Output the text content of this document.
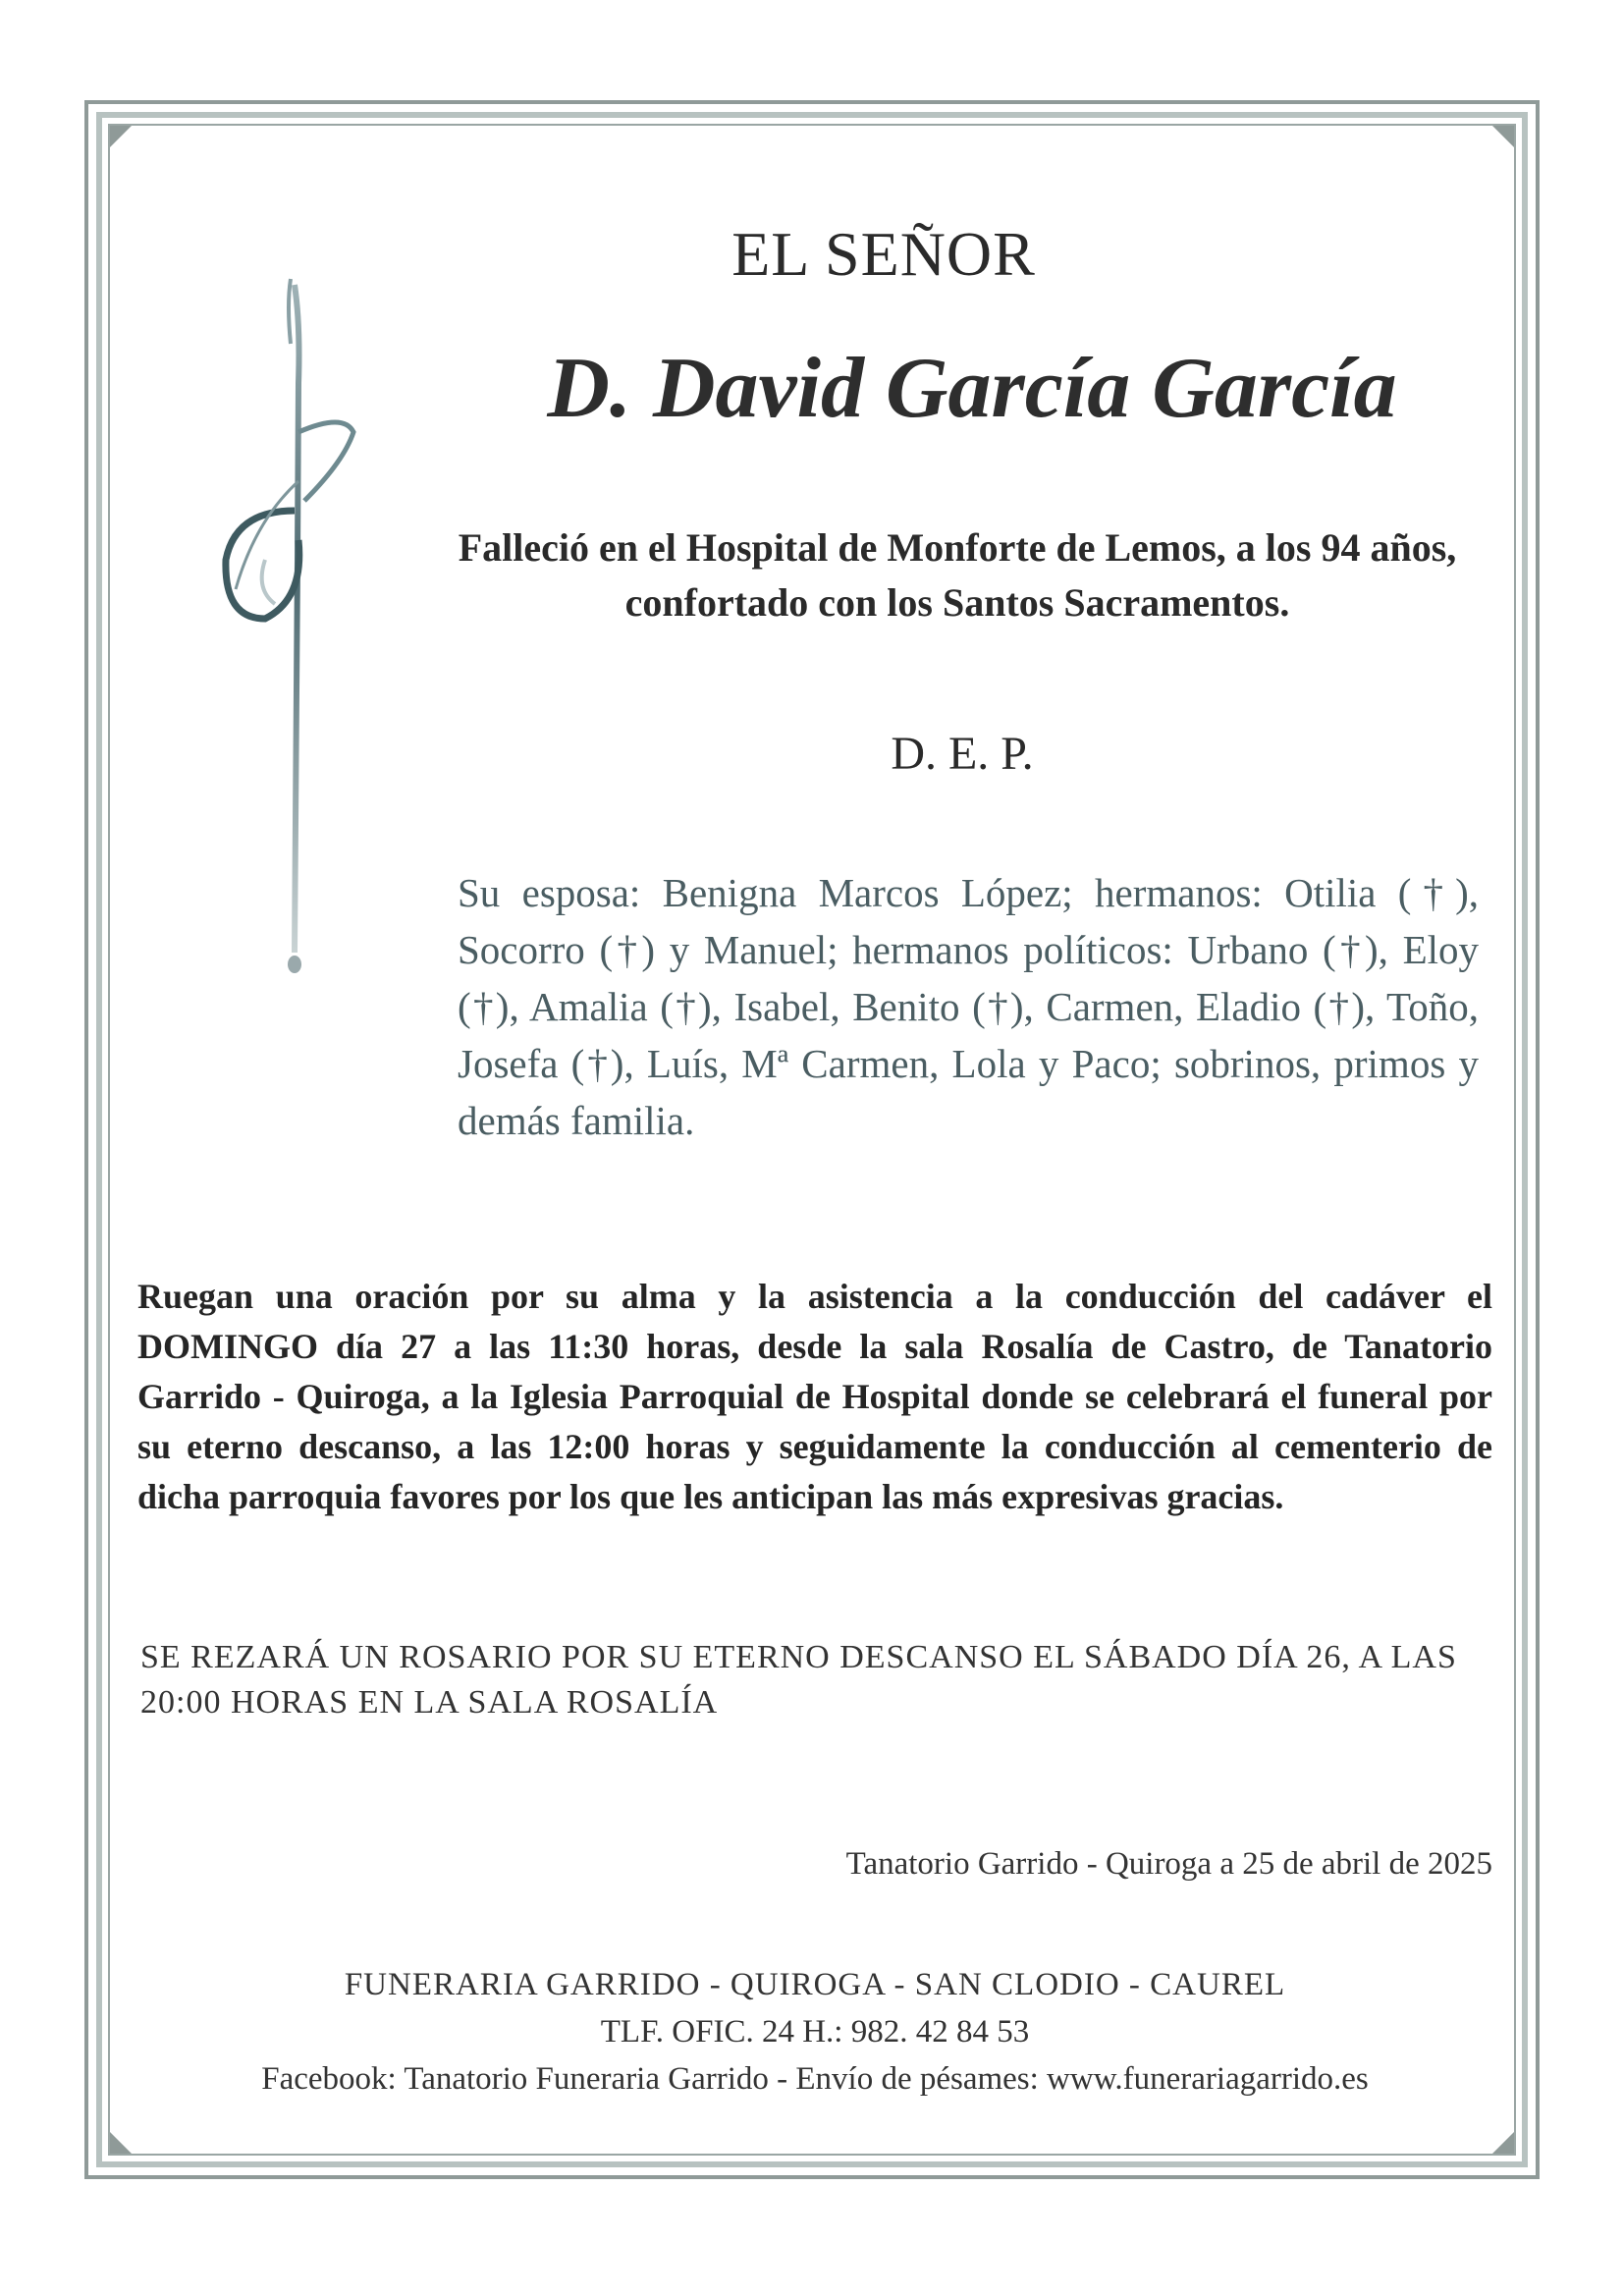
EL SEÑOR
D. David García García
Falleció en el Hospital de Monforte de Lemos, a los 94 años,
confortado con los Santos Sacramentos.
D. E. P.
Su esposa: Benigna Marcos López; hermanos: Otilia (†), Socorro (†) y Manuel; hermanos políticos: Urbano (†), Eloy (†), Amalia (†), Isabel, Benito (†), Carmen, Eladio (†), Toño, Josefa (†), Luís, Mª Carmen, Lola y Paco; sobrinos, primos y demás familia.
Ruegan una oración por su alma y la asistencia a la conducción del cadáver el DOMINGO día 27 a las 11:30 horas, desde la sala Rosalía de Castro, de Tanatorio Garrido - Quiroga, a la Iglesia Parroquial de Hospital donde se celebrará el funeral por su eterno descanso, a las 12:00 horas y seguidamente la conducción al cementerio de dicha parroquia favores por los que les anticipan las más expresivas gracias.
SE REZARÁ UN ROSARIO POR SU ETERNO DESCANSO EL SÁBADO DÍA 26, A LAS 20:00 HORAS EN LA SALA ROSALÍA
Tanatorio Garrido - Quiroga a 25 de abril de 2025
FUNERARIA GARRIDO - QUIROGA - SAN CLODIO - CAUREL
TLF. OFIC. 24 H.: 982. 42 84 53
Facebook: Tanatorio Funeraria Garrido - Envío de pésames: www.funerariagarrido.es
